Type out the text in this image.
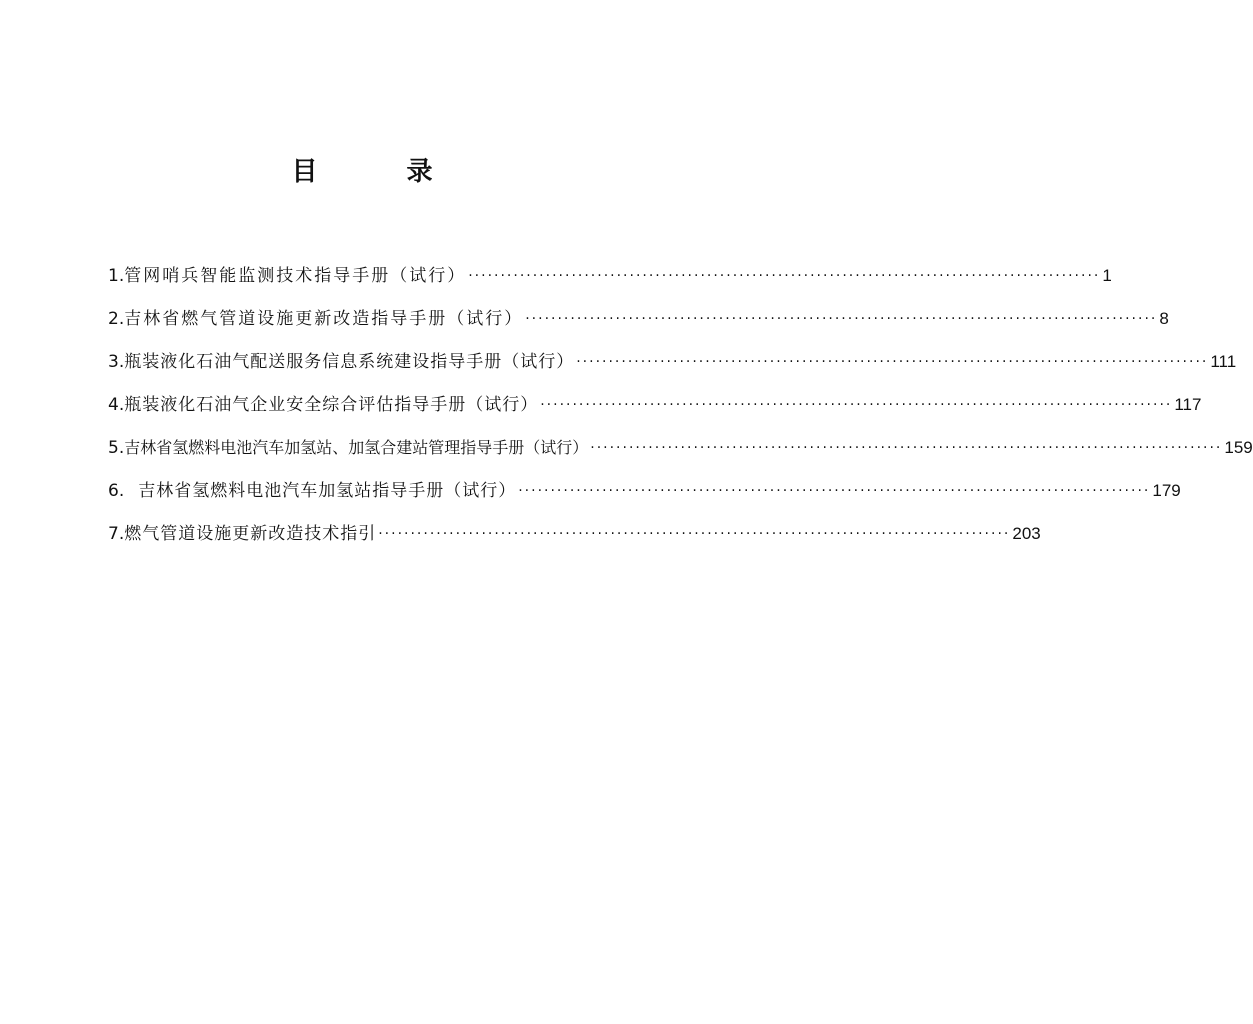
目 录
1. 管网哨兵智能监测技术指导手册（试行） ·····	1
2. 吉林省燃气管道设施更新改造指导手册（试行） ·····	8
3. 瓶装液化石油气配送服务信息系统建设指导手册（试行） ·····	111
4. 瓶装液化石油气企业安全综合评估指导手册（试行） ·····	117
5. 吉林省氢燃料电池汽车加氢站、加氢合建站管理指导手册（试行） ·····	159
6. 吉林省氢燃料电池汽车加氢站指导手册（试行） ·····	179
7. 燃气管道设施更新改造技术指引 ·····	203
